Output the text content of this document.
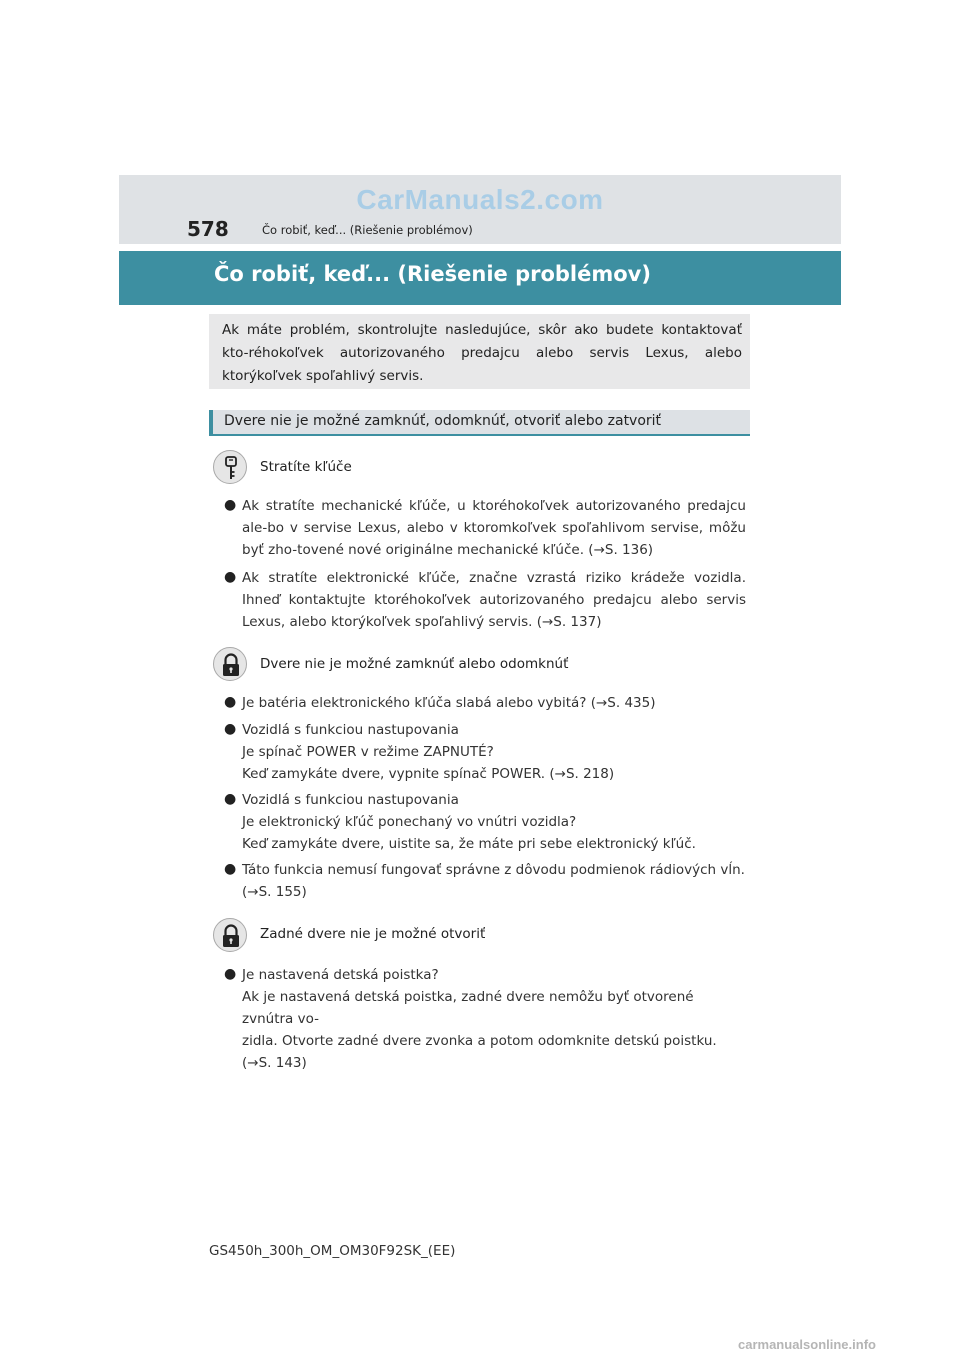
CarManuals2.com
578	Čo robiť, keď... (Riešenie problémov)
Čo robiť, keď... (Riešenie problémov)
Ak máte problém, skontrolujte nasledujúce, skôr ako budete kontaktovať kto-réhokoľvek autorizovaného predajcu alebo servis Lexus, alebo ktorýkoľvek spoľahlivý servis.
Dvere nie je možné zamknúť, odomknúť, otvoriť alebo zatvoriť
Stratíte kľúče
● Ak stratíte mechanické kľúče, u ktoréhokoľvek autorizovaného predajcu ale-bo v servise Lexus, alebo v ktoromkoľvek spoľahlivom servise, môžu byť zho-tovené nové originálne mechanické kľúče. (→S. 136)
● Ak stratíte elektronické kľúče, značne vzrastá riziko krádeže vozidla. Ihneď kontaktujte ktoréhokoľvek autorizovaného predajcu alebo servis Lexus, alebo ktorýkoľvek spoľahlivý servis. (→S. 137)
Dvere nie je možné zamknúť alebo odomknúť
● Je batéria elektronického kľúča slabá alebo vybitá? (→S. 435)
● Vozidlá s funkciou nastupovania
Je spínač POWER v režime ZAPNUTÉ?
Keď zamykáte dvere, vypnite spínač POWER. (→S. 218)
● Vozidlá s funkciou nastupovania
Je elektronický kľúč ponechaný vo vnútri vozidla?
Keď zamykáte dvere, uistite sa, že máte pri sebe elektronický kľúč.
● Táto funkcia nemusí fungovať správne z dôvodu podmienok rádiových vĺn.
(→S. 155)
Zadné dvere nie je možné otvoriť
● Je nastavená detská poistka?
Ak je nastavená detská poistka, zadné dvere nemôžu byť otvorené zvnútra vo-
zidla. Otvorte zadné dvere zvonka a potom odomknite detskú poistku.
(→S. 143)
GS450h_300h_OM_OM30F92SK_(EE)
carmanualsonline.info
